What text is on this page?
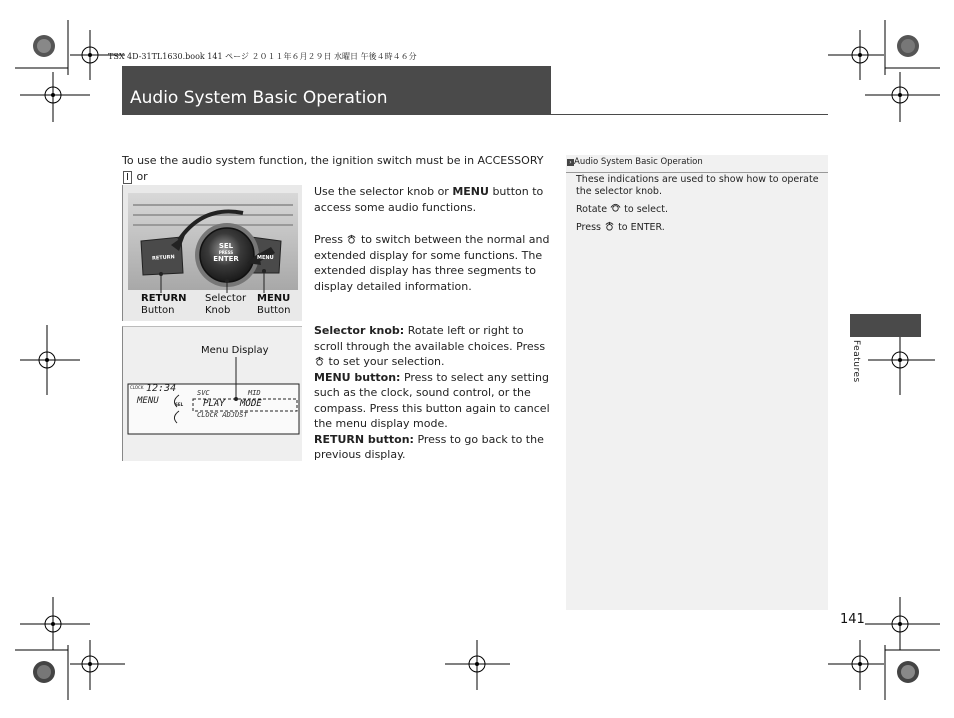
TSX 4D-31TL1630.book 141 ページ ２０１１年６月２９日 水曜日 午後４時４６分
Audio System Basic Operation
To use the audio system function, the ignition switch must be in ACCESSORY I or

SEL
PRESS
ENTER
RETURN	MENU
RETURN
Button
Selector
Knob
MENU
Button
Menu Display
CLOCK 12:34
MENU	SEL
SVC	MID
PLAY MODE
CLOCK ADJUST
Use the selector knob or MENU button to access some audio functions.
Press to switch between the normal and extended display for some functions. The extended display has three segments to display detailed information.
Selector knob: Rotate left or right to scroll through the available choices. Press  to set your selection.
MENU button: Press to select any setting such as the clock, sound control, or the compass. Press this button again to cancel the menu display mode.
RETURN button: Press to go back to the previous display.
› Audio System Basic Operation
These indications are used to show how to operate the selector knob.
Rotate to select.
Press to ENTER.
Features
141
